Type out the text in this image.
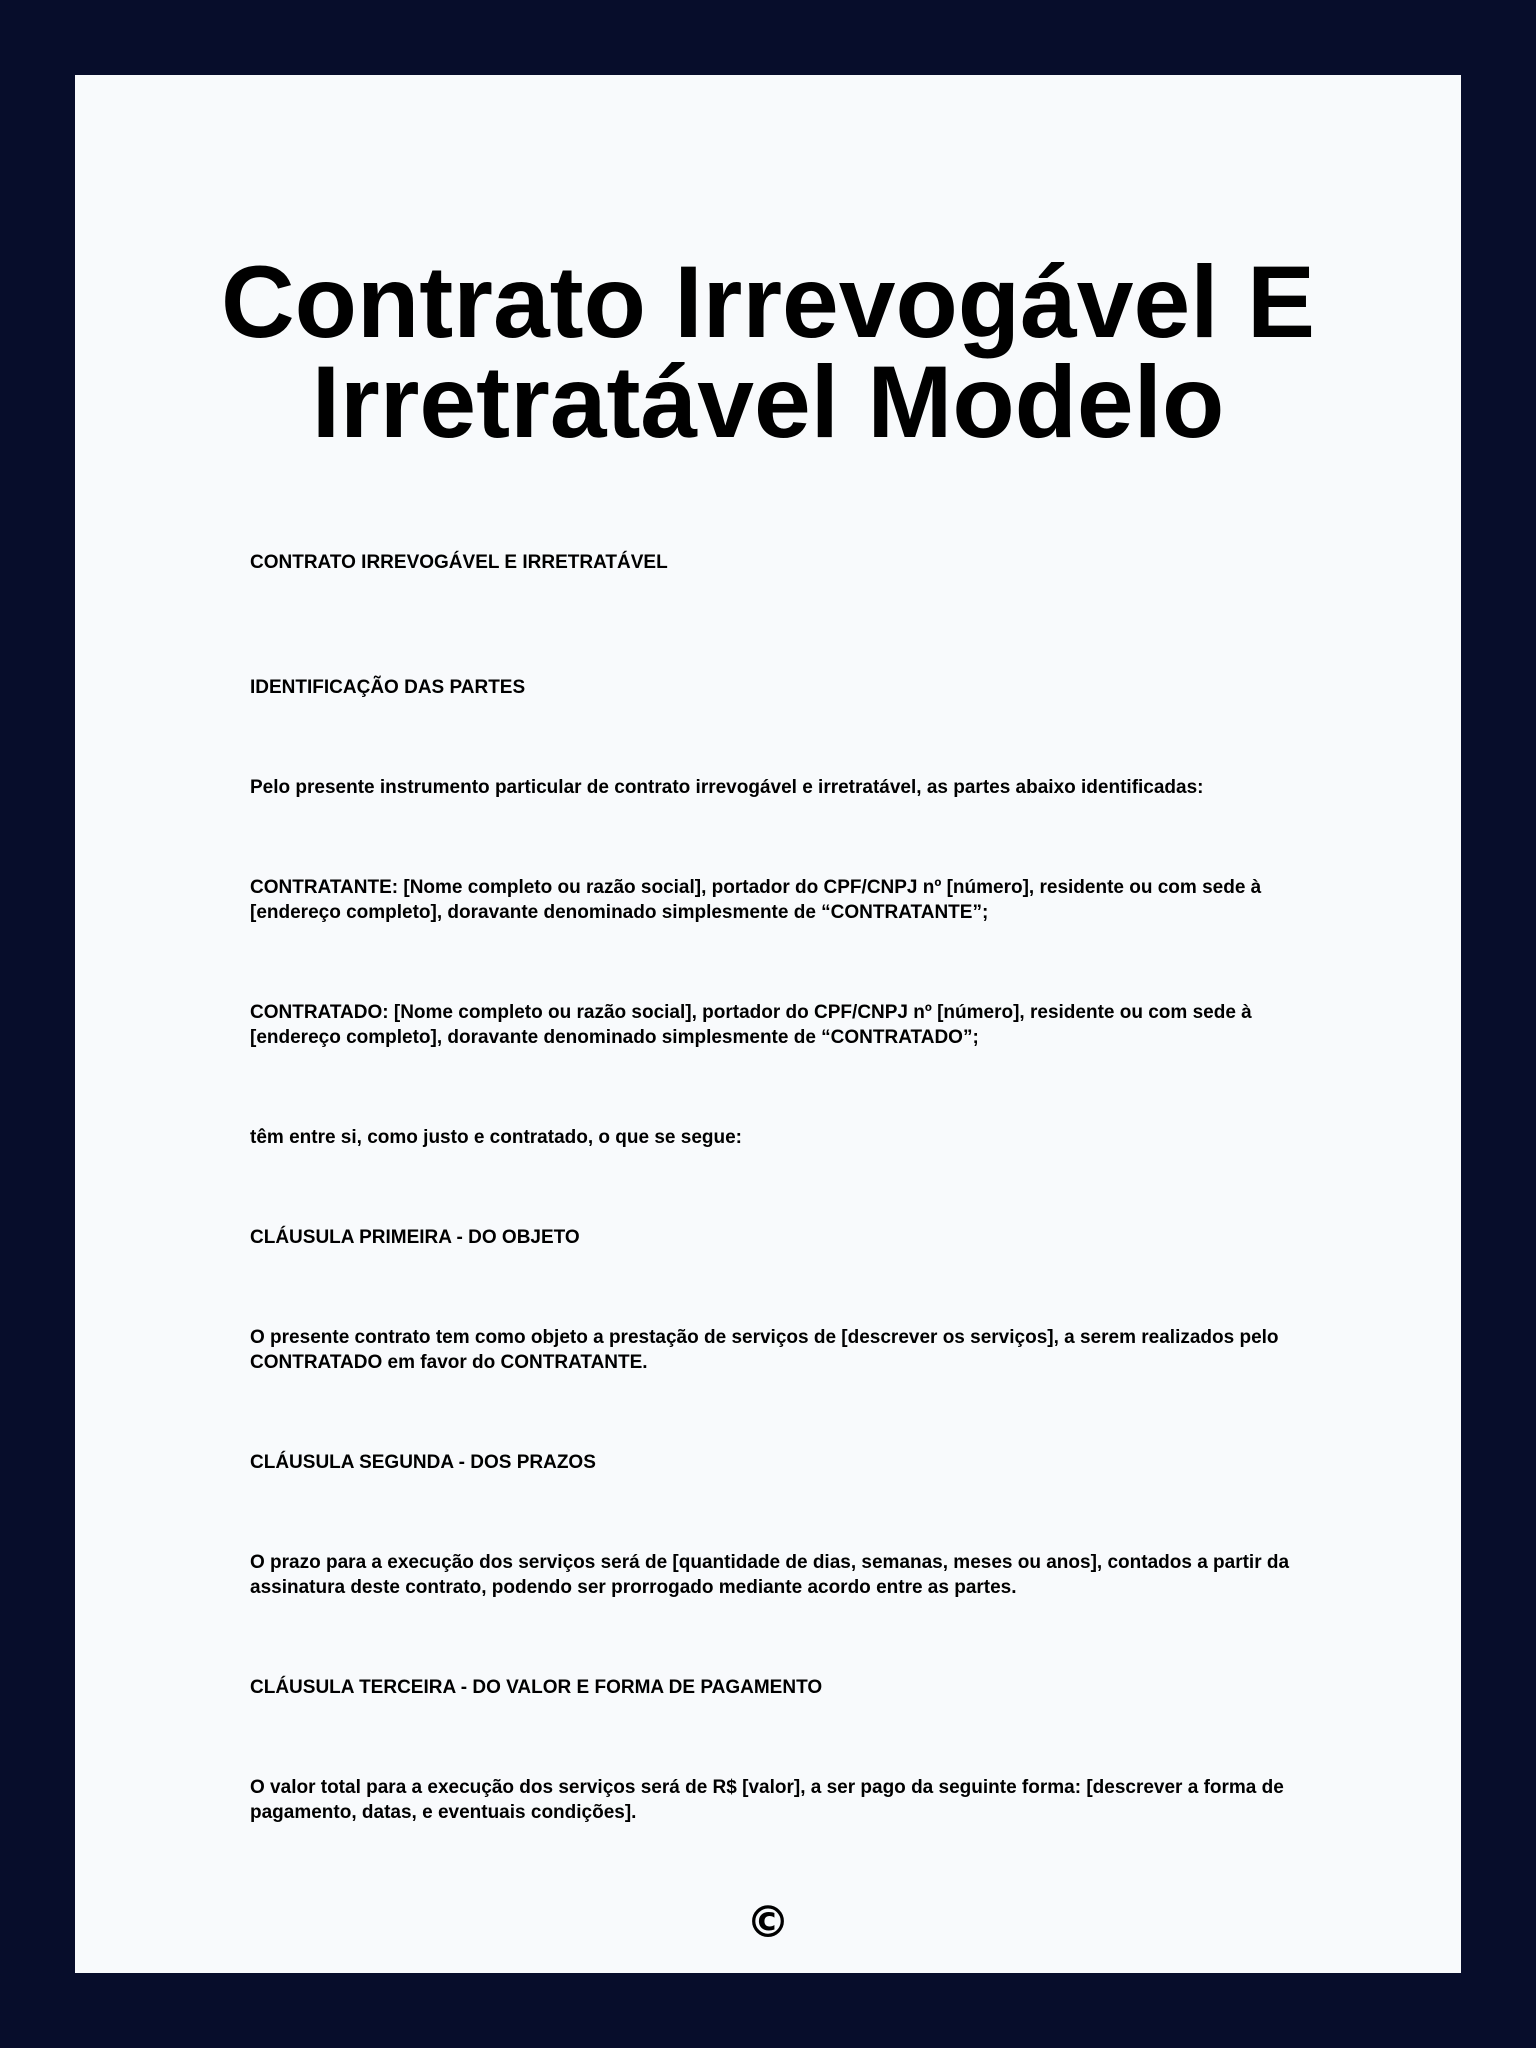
Contrato Irrevogável E
Irretratável Modelo

CONTRATO IRREVOGÁVEL E IRRETRATÁVEL

IDENTIFICAÇÃO DAS PARTES

Pelo presente instrumento particular de contrato irrevogável e irretratável, as partes abaixo identificadas:

CONTRATANTE: [Nome completo ou razão social], portador do CPF/CNPJ nº [número], residente ou com sede à [endereço completo], doravante denominado simplesmente de “CONTRATANTE”;

CONTRATADO: [Nome completo ou razão social], portador do CPF/CNPJ nº [número], residente ou com sede à [endereço completo], doravante denominado simplesmente de “CONTRATADO”;

têm entre si, como justo e contratado, o que se segue:

CLÁUSULA PRIMEIRA - DO OBJETO

O presente contrato tem como objeto a prestação de serviços de [descrever os serviços], a serem realizados pelo CONTRATADO em favor do CONTRATANTE.

CLÁUSULA SEGUNDA - DOS PRAZOS

O prazo para a execução dos serviços será de [quantidade de dias, semanas, meses ou anos], contados a partir da assinatura deste contrato, podendo ser prorrogado mediante acordo entre as partes.

CLÁUSULA TERCEIRA - DO VALOR E FORMA DE PAGAMENTO

O valor total para a execução dos serviços será de R$ [valor], a ser pago da seguinte forma: [descrever a forma de pagamento, datas, e eventuais condições].

©
